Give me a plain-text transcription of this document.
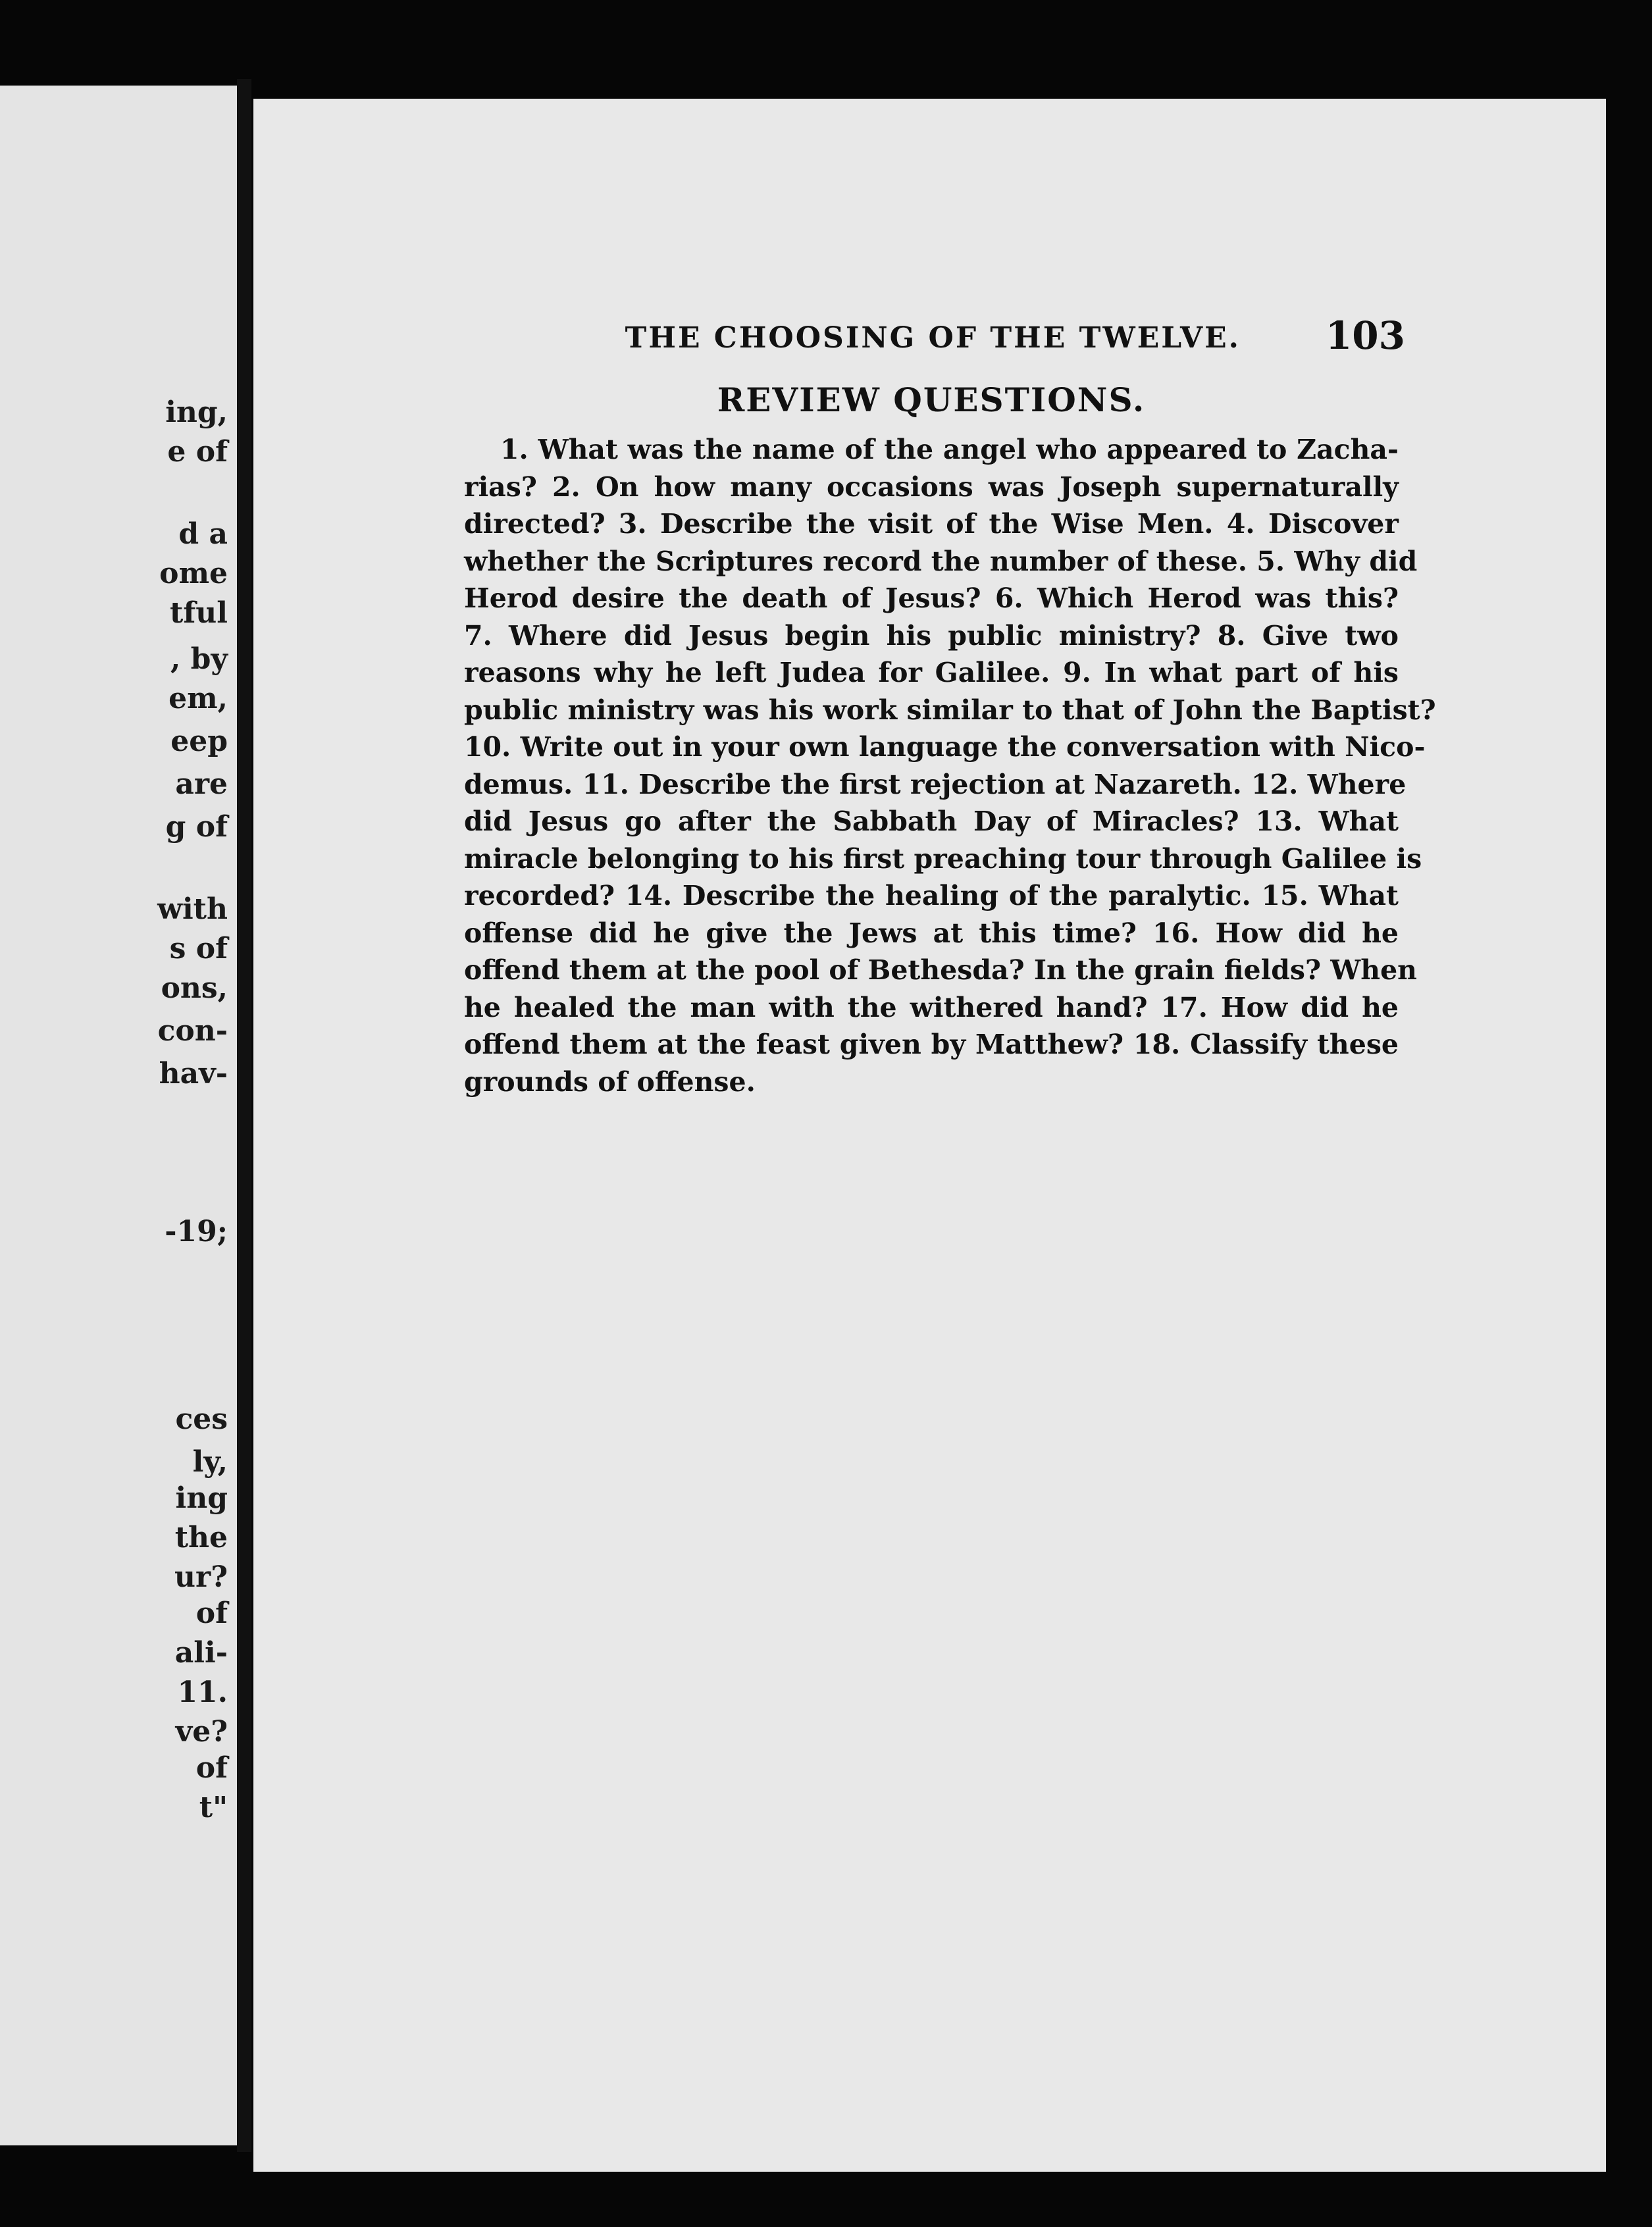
ing,
e of
d a
ome
tful
, by
em,
eep
are
g of
with
s of
ons,
con-
hav-
-19;
ces
ly,
ing
the
ur?
of
ali-
11.
ve?
of
t"
THE CHOOSING OF THE TWELVE. 103
REVIEW QUESTIONS.
1. What was the name of the angel who appeared to Zacha-
rias? 2. On how many occasions was Joseph supernaturally
directed? 3. Describe the visit of the Wise Men. 4. Discover
whether the Scriptures record the number of these. 5. Why did
Herod desire the death of Jesus? 6. Which Herod was this?
7. Where did Jesus begin his public ministry? 8. Give two
reasons why he left Judea for Galilee. 9. In what part of his
public ministry was his work similar to that of John the Baptist?
10. Write out in your own language the conversation with Nico-
demus. 11. Describe the first rejection at Nazareth. 12. Where
did Jesus go after the Sabbath Day of Miracles? 13. What
miracle belonging to his first preaching tour through Galilee is
recorded? 14. Describe the healing of the paralytic. 15. What
offense did he give the Jews at this time? 16. How did he
offend them at the pool of Bethesda? In the grain fields? When
he healed the man with the withered hand? 17. How did he
offend them at the feast given by Matthew? 18. Classify these
grounds of offense.
